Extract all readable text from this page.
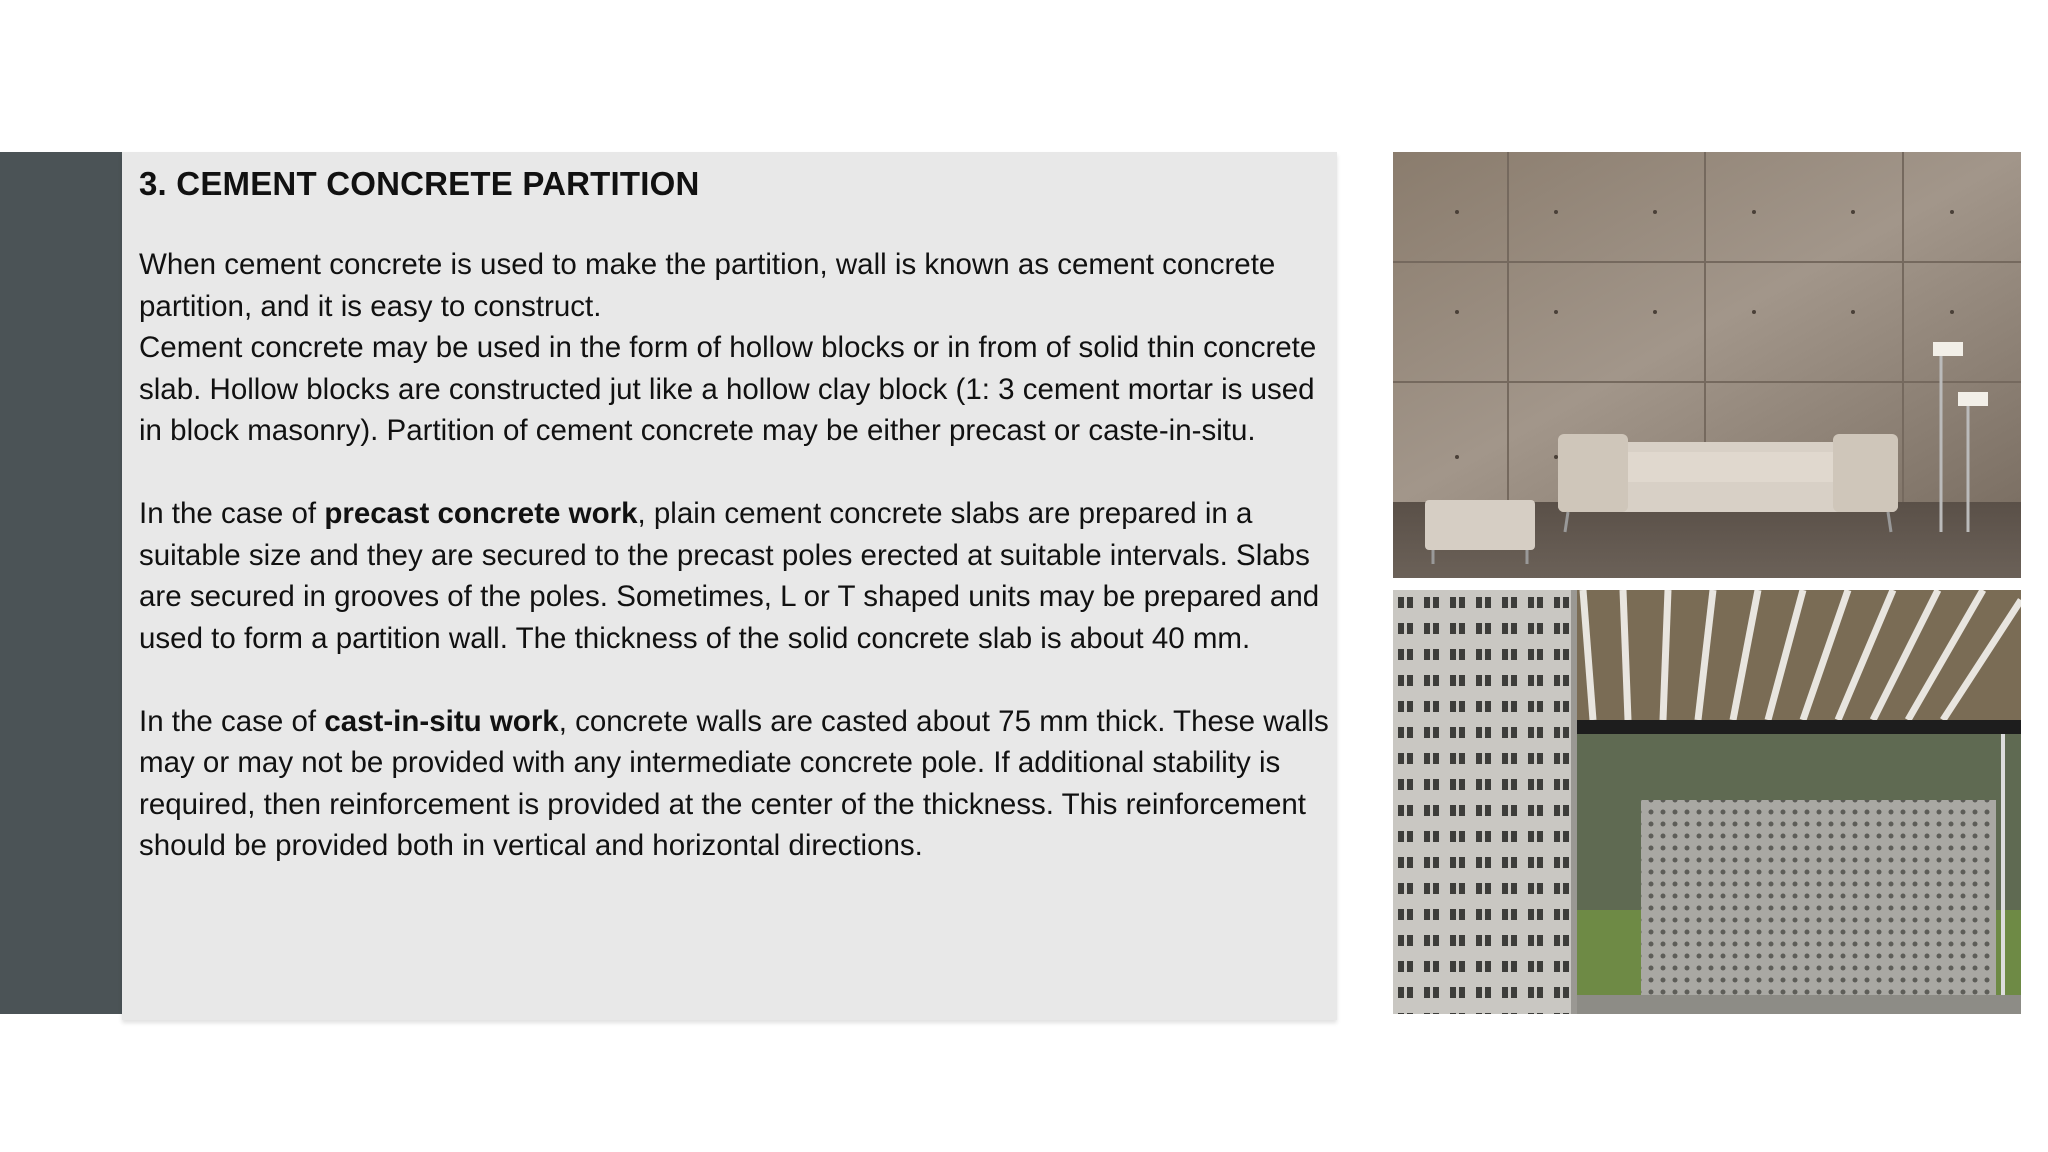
3. CEMENT CONCRETE PARTITION

When cement concrete is used to make the partition, wall is known as cement concrete partition, and it is easy to construct.
Cement concrete may be used in the form of hollow blocks or in from of solid thin concrete slab. Hollow blocks are constructed jut like a hollow clay block (1: 3 cement mortar is used in block masonry). Partition of cement concrete may be either precast or caste-in-situ.

In the case of precast concrete work, plain cement concrete slabs are prepared in a suitable size and they are secured to the precast poles erected at suitable intervals. Slabs are secured in grooves of the poles. Sometimes, L or T shaped units may be prepared and used to form a partition wall. The thickness of the solid concrete slab is about 40 mm.

In the case of cast-in-situ work, concrete walls are casted about 75 mm thick. These walls may or may not be provided with any intermediate concrete pole. If additional stability is required, then reinforcement is provided at the center of the thickness. This reinforcement should be provided both in vertical and horizontal directions.
